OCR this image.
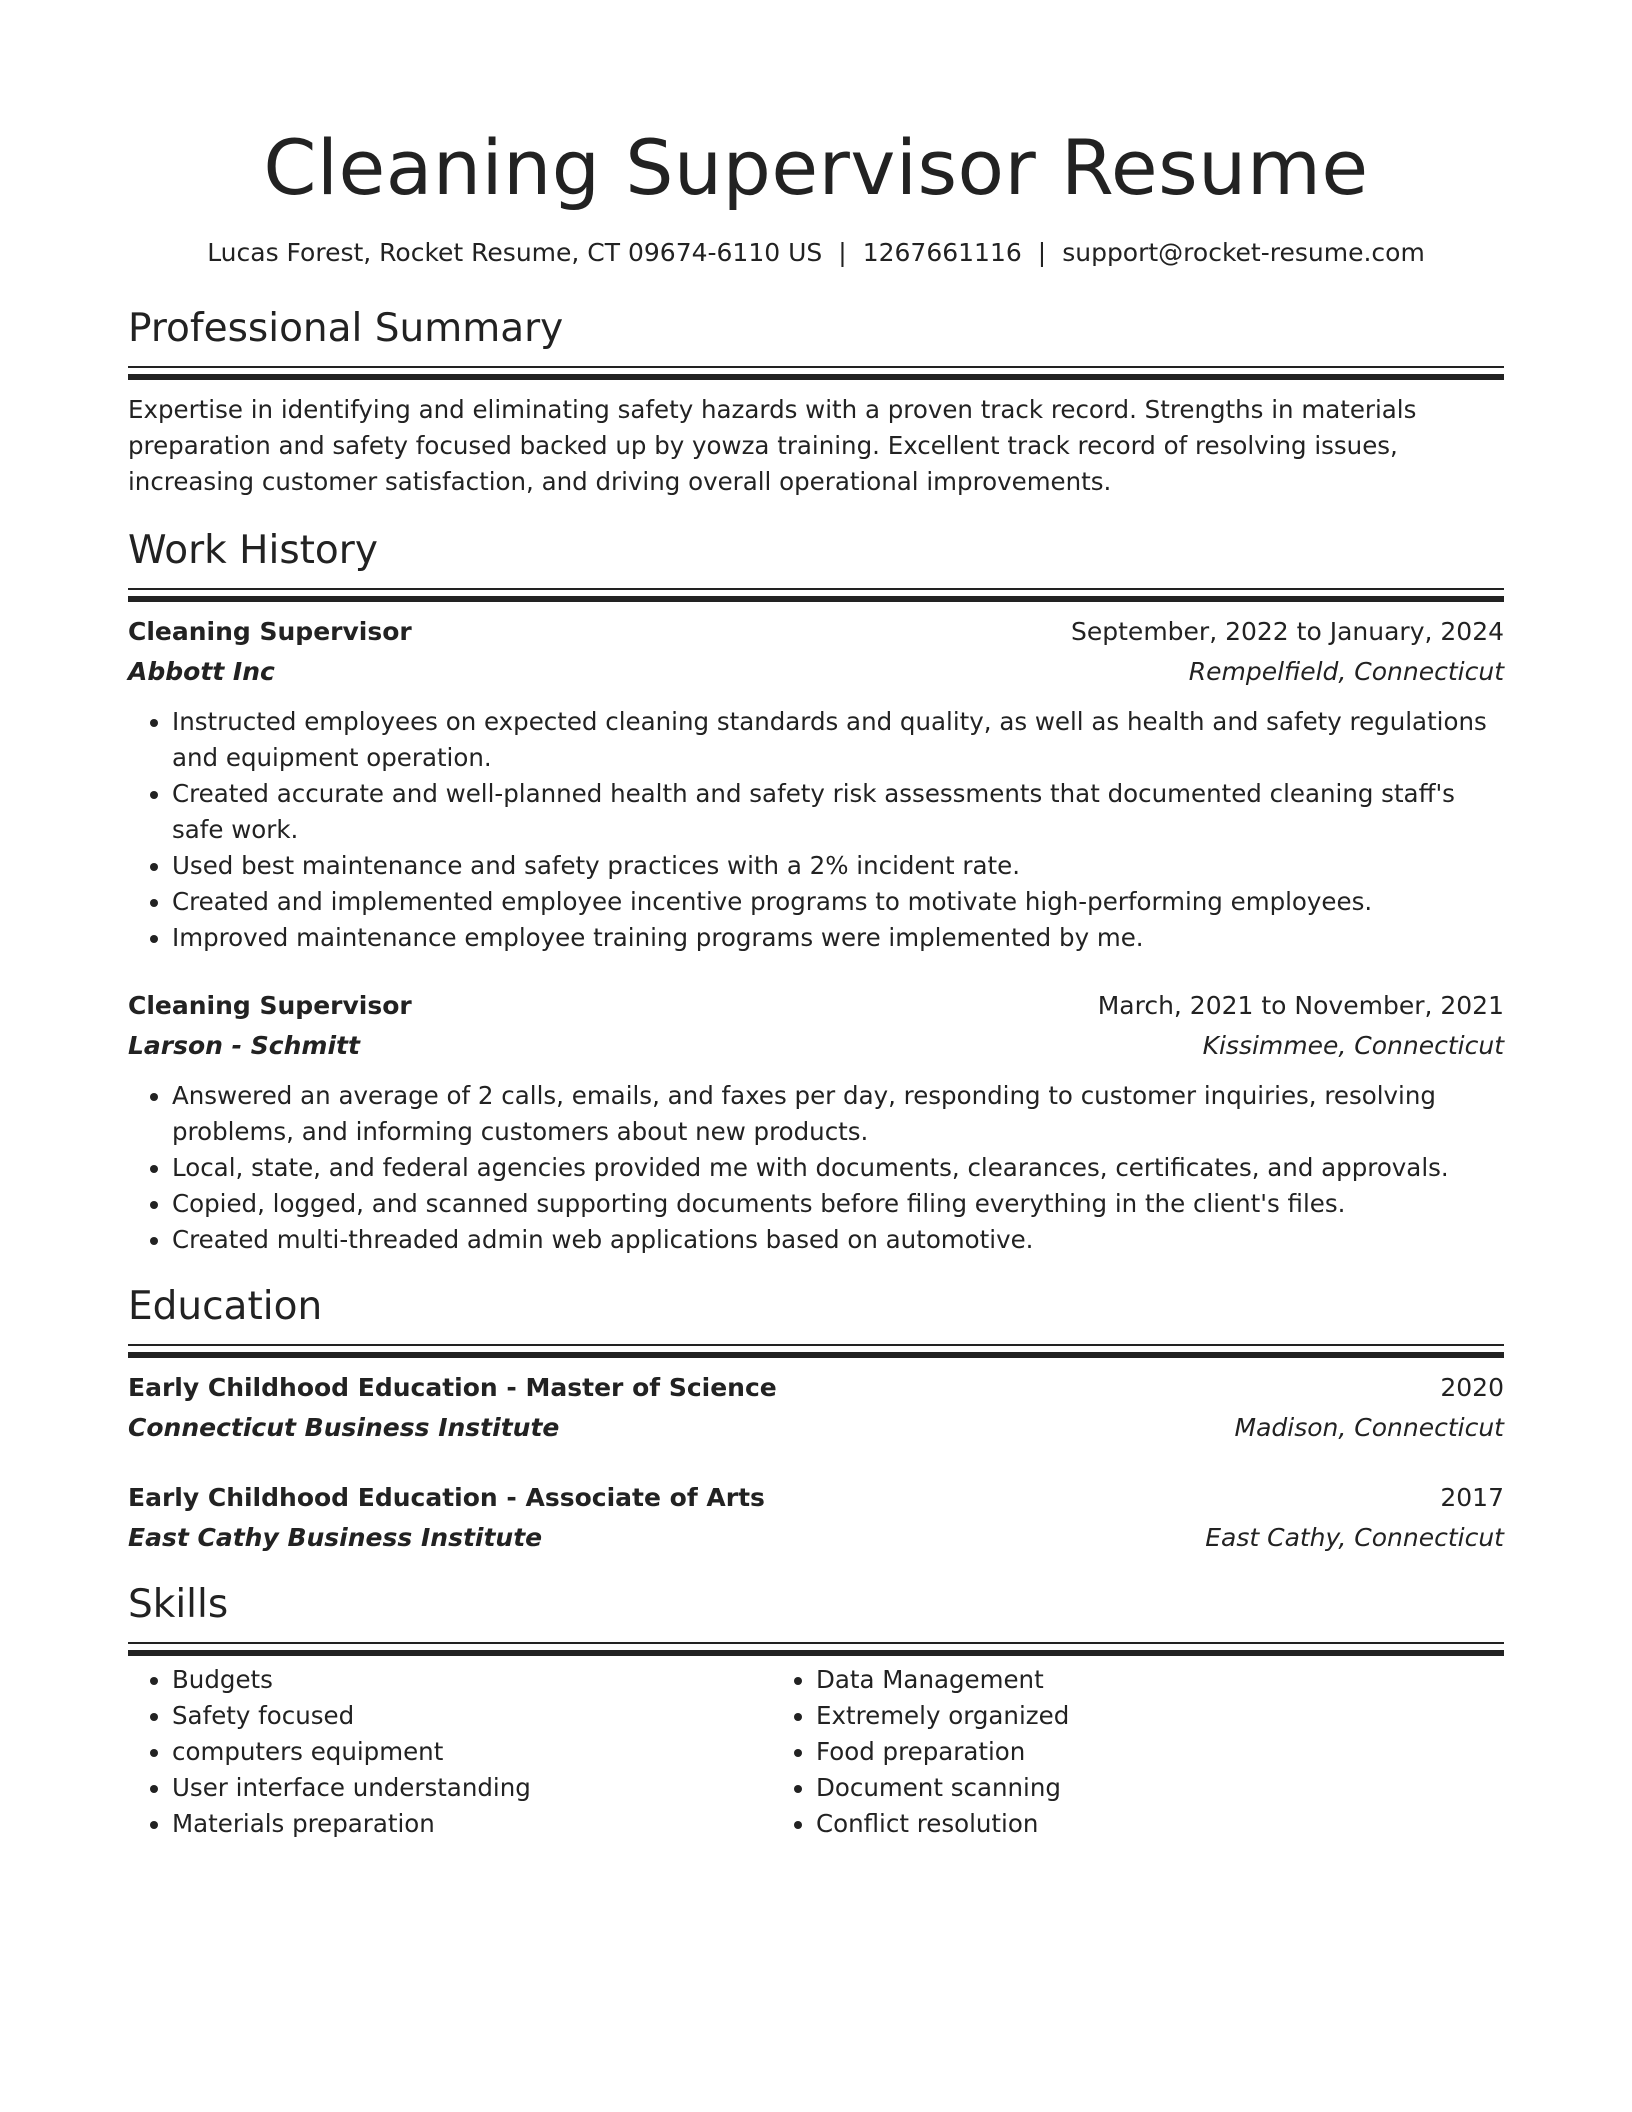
Cleaning Supervisor Resume
Lucas Forest, Rocket Resume, CT 09674-6110 US | 1267661116 | support@rocket-resume.com
Professional Summary

Expertise in identifying and eliminating safety hazards with a proven track record. Strengths in materials preparation and safety focused backed up by yowza training. Excellent track record of resolving issues, increasing customer satisfaction, and driving overall operational improvements.

Work History
Cleaning Supervisor	September, 2022 to January, 2024
Abbott Inc	Rempelfield, Connecticut
• Instructed employees on expected cleaning standards and quality, as well as health and safety regulations and equipment operation.
• Created accurate and well-planned health and safety risk assessments that documented cleaning staff's safe work.
• Used best maintenance and safety practices with a 2% incident rate.
• Created and implemented employee incentive programs to motivate high-performing employees.
• Improved maintenance employee training programs were implemented by me.
Cleaning Supervisor	March, 2021 to November, 2021
Larson - Schmitt	Kissimmee, Connecticut
• Answered an average of 2 calls, emails, and faxes per day, responding to customer inquiries, resolving problems, and informing customers about new products.
• Local, state, and federal agencies provided me with documents, clearances, certificates, and approvals.
• Copied, logged, and scanned supporting documents before filing everything in the client's files.
• Created multi-threaded admin web applications based on automotive.
Education
Early Childhood Education - Master of Science	2020
Connecticut Business Institute	Madison, Connecticut
Early Childhood Education - Associate of Arts	2017
East Cathy Business Institute	East Cathy, Connecticut
Skills
• Budgets
• Safety focused
• computers equipment
• User interface understanding
• Materials preparation
• Data Management
• Extremely organized
• Food preparation
• Document scanning
• Conflict resolution
